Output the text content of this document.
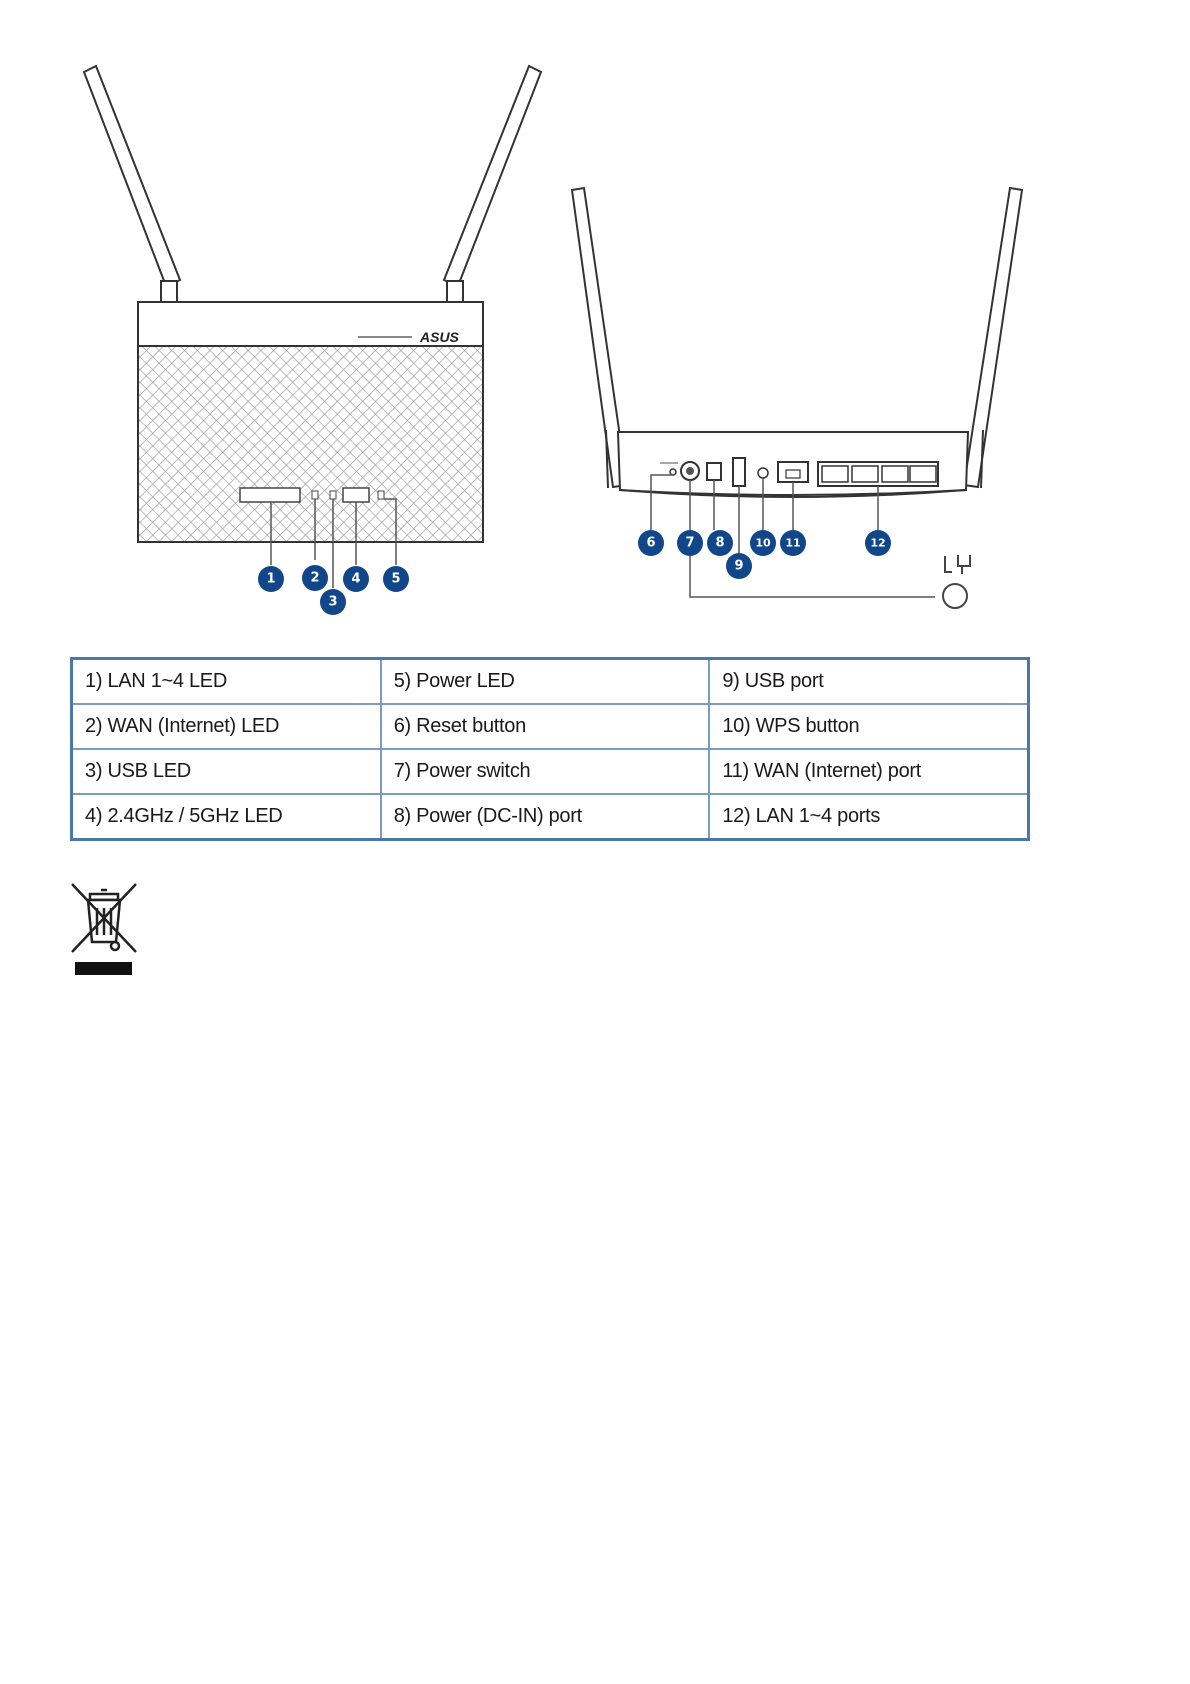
ASUS
1	2
3
4 5
6 7 8
9
10 11	12
1) LAN 1~4 LED	5) Power LED	9) USB port
2) WAN (Internet) LED	6) Reset button	10) WPS button
3) USB LED	7) Power switch	11) WAN (Internet) port
4) 2.4GHz / 5GHz LED	8) Power (DC-IN) port	12) LAN 1~4 ports
